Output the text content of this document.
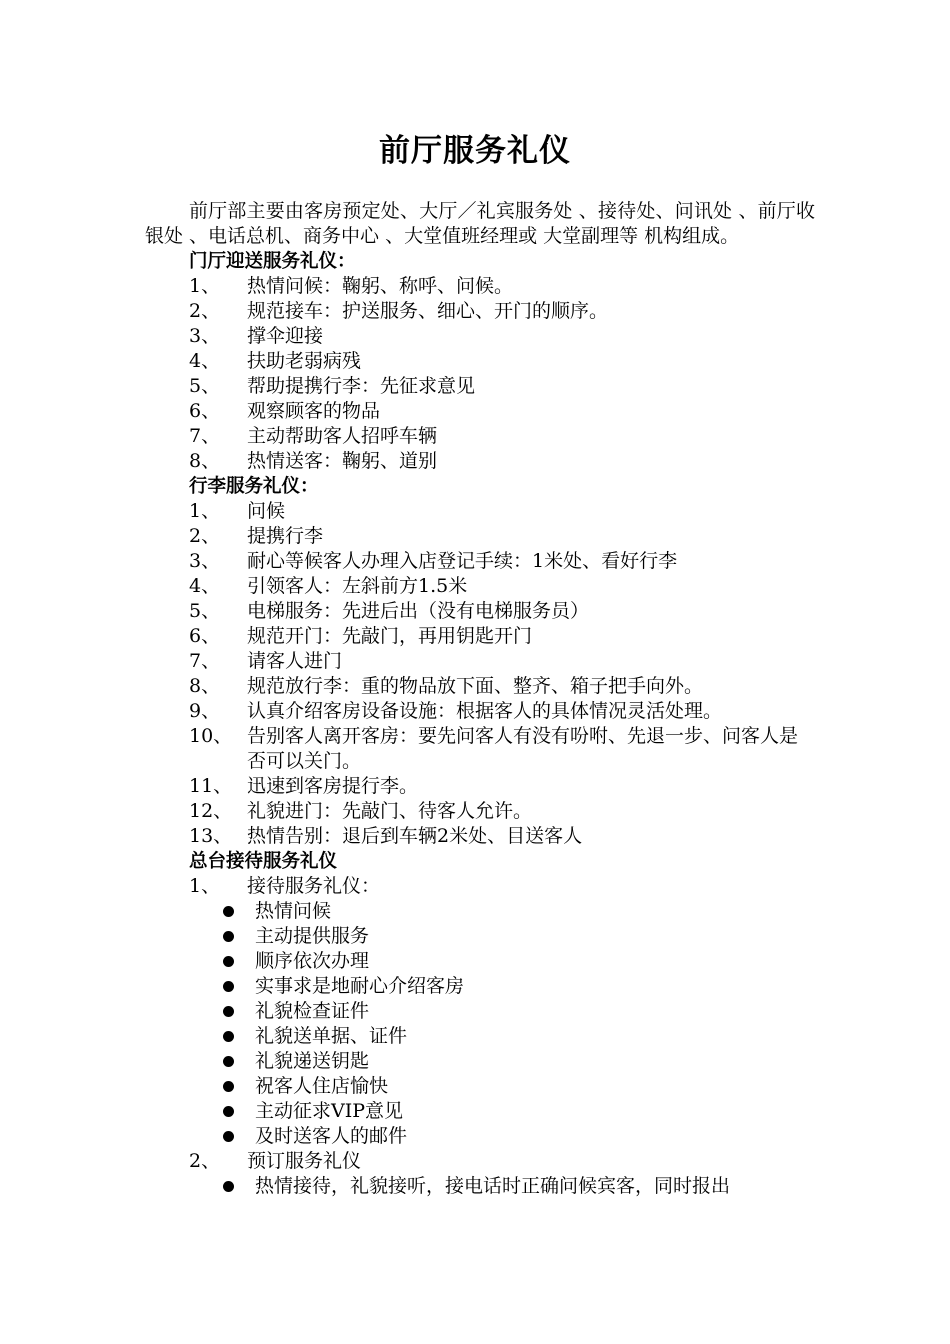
前厅服务礼仪

前厅部主要由客房预定处、大厅／礼宾服务处 、接待处、问讯处 、前厅收银处 、电话总机、商务中心 、大堂值班经理或 大堂副理等 机构组成。

门厅迎送服务礼仪：
1、 热情问候：鞠躬、称呼、问候。
2、 规范接车：护送服务、细心、开门的顺序。
3、 撑伞迎接
4、 扶助老弱病残
5、 帮助提携行李：先征求意见
6、 观察顾客的物品
7、 主动帮助客人招呼车辆
8、 热情送客：鞠躬、道别
行李服务礼仪：
1、 问候
2、 提携行李
3、 耐心等候客人办理入店登记手续：1米处、看好行李
4、 引领客人：左斜前方1.5米
5、 电梯服务：先进后出（没有电梯服务员）
6、 规范开门：先敲门，再用钥匙开门
7、 请客人进门
8、 规范放行李：重的物品放下面、整齐、箱子把手向外。
9、 认真介绍客房设备设施：根据客人的具体情况灵活处理。
10、 告别客人离开客房：要先问客人有没有吩咐、先退一步、问客人是否可以关门。
11、 迅速到客房提行李。
12、 礼貌进门：先敲门、待客人允许。
13、 热情告别：退后到车辆2米处、目送客人
总台接待服务礼仪
1、 接待服务礼仪：
热情问候
主动提供服务
顺序依次办理
实事求是地耐心介绍客房
礼貌检查证件
礼貌送单据、证件
礼貌递送钥匙
祝客人住店愉快
主动征求VIP意见
及时送客人的邮件
2、 预订服务礼仪
热情接待，礼貌接听，接电话时正确问候宾客，同时报出
